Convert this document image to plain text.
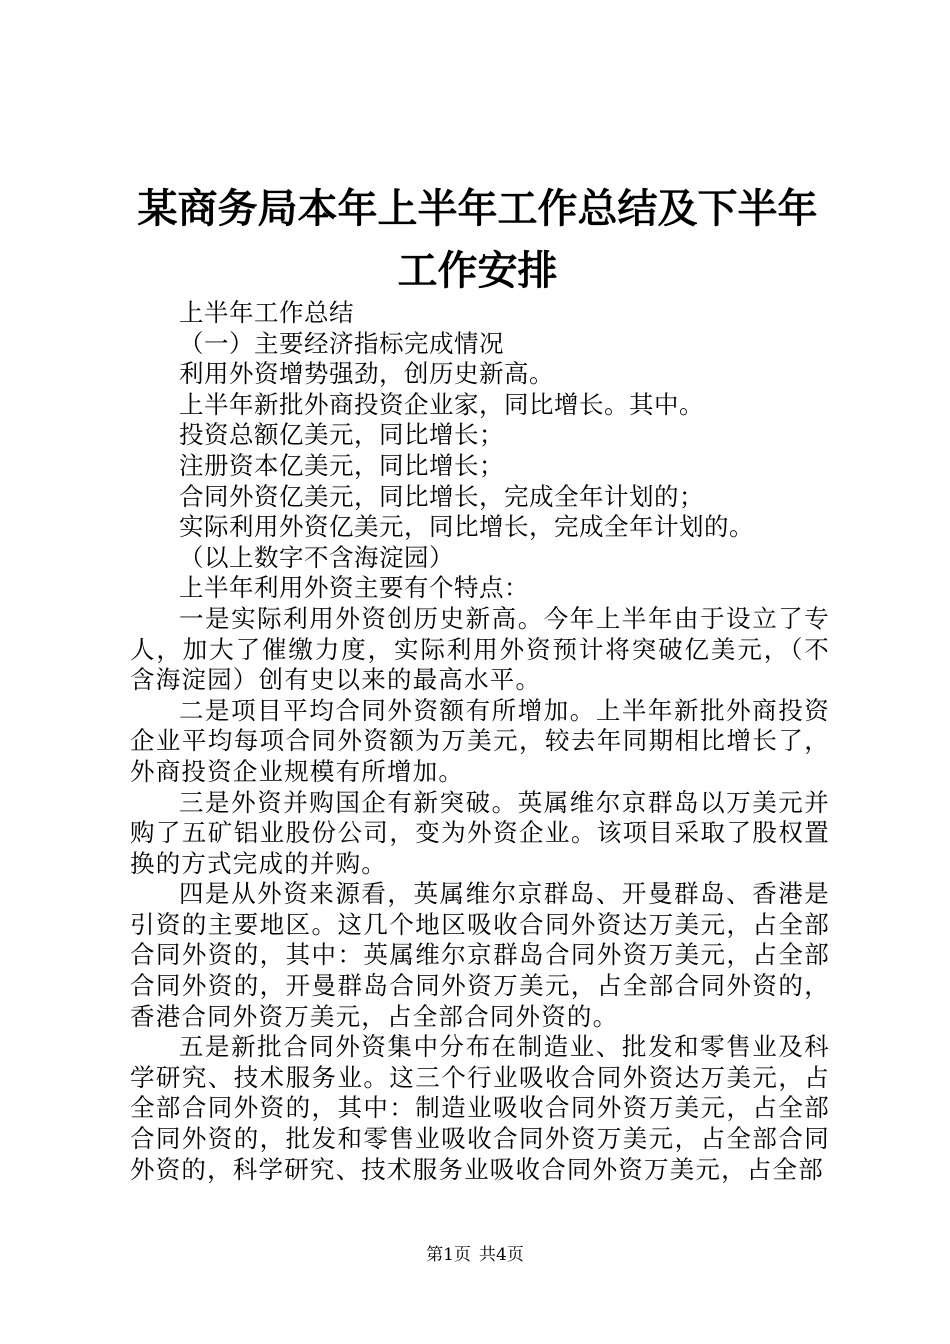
某商务局本年上半年工作总结及下半年工作安排

上半年工作总结

（一）主要经济指标完成情况

利用外资增势强劲，创历史新高。

上半年新批外商投资企业家，同比增长。其中。

投资总额亿美元，同比增长；

注册资本亿美元，同比增长；

合同外资亿美元，同比增长，完成全年计划的；

实际利用外资亿美元，同比增长，完成全年计划的。

（以上数字不含海淀园）

上半年利用外资主要有个特点：

一是实际利用外资创历史新高。今年上半年由于设立了专人，加大了催缴力度，实际利用外资预计将突破亿美元，（不含海淀园）创有史以来的最高水平。

二是项目平均合同外资额有所增加。上半年新批外商投资企业平均每项合同外资额为万美元，较去年同期相比增长了，外商投资企业规模有所增加。

三是外资并购国企有新突破。英属维尔京群岛以万美元并购了五矿铝业股份公司，变为外资企业。该项目采取了股权置换的方式完成的并购。

四是从外资来源看，英属维尔京群岛、开曼群岛、香港是引资的主要地区。这几个地区吸收合同外资达万美元，占全部合同外资的，其中：英属维尔京群岛合同外资万美元，占全部合同外资的，开曼群岛合同外资万美元，占全部合同外资的，香港合同外资万美元，占全部合同外资的。

五是新批合同外资集中分布在制造业、批发和零售业及科学研究、技术服务业。这三个行业吸收合同外资达万美元，占全部合同外资的，其中：制造业吸收合同外资万美元，占全部合同外资的，批发和零售业吸收合同外资万美元，占全部合同外资的，科学研究、技术服务业吸收合同外资万美元，占全部

第1页 共4页
